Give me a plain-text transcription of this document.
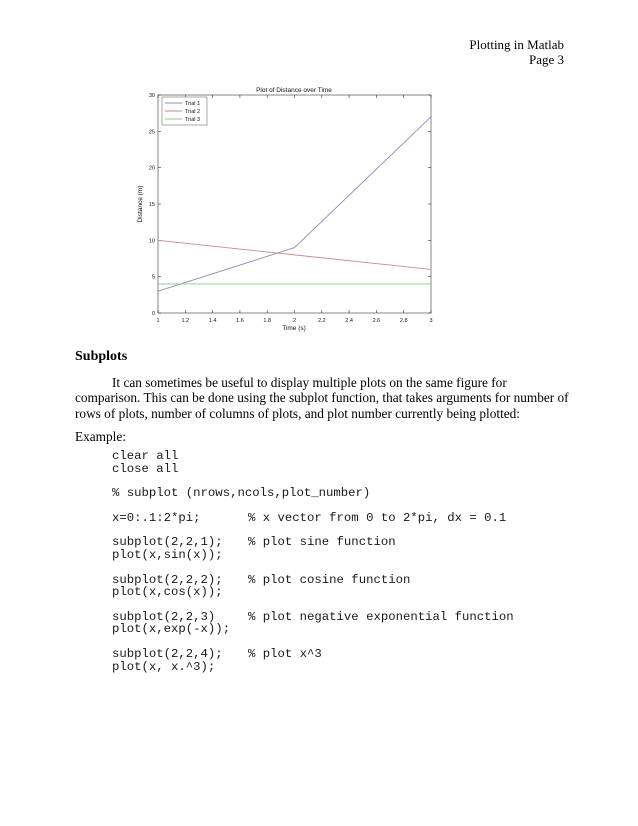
Plotting in Matlab
Page 3
Plot of Distance over Time
Time (s)
Distance (m)
1	1.2	1.4	1.6	1.8	2	2.2	2.4	2.6	2.8	3
0
5
10
15
20
25
30
Trial 1
Trial 2
Trial 3
Subplots

It can sometimes be useful to display multiple plots on the same figure for comparison. This can be done using the subplot function, that takes arguments for number of rows of plots, number of columns of plots, and plot number currently being plotted:

Example:
clear all
close all
% subplot (nrows,ncols,plot_number)
x=0:.1:2*pi;	% x vector from 0 to 2*pi, dx = 0.1
subplot(2,2,1); % plot sine function
plot(x,sin(x));
subplot(2,2,2); % plot cosine function
plot(x,cos(x));
subplot(2,2,3)	% plot negative exponential function
plot(x,exp(-x));
subplot(2,2,4); % plot x^3
plot(x, x.^3);
